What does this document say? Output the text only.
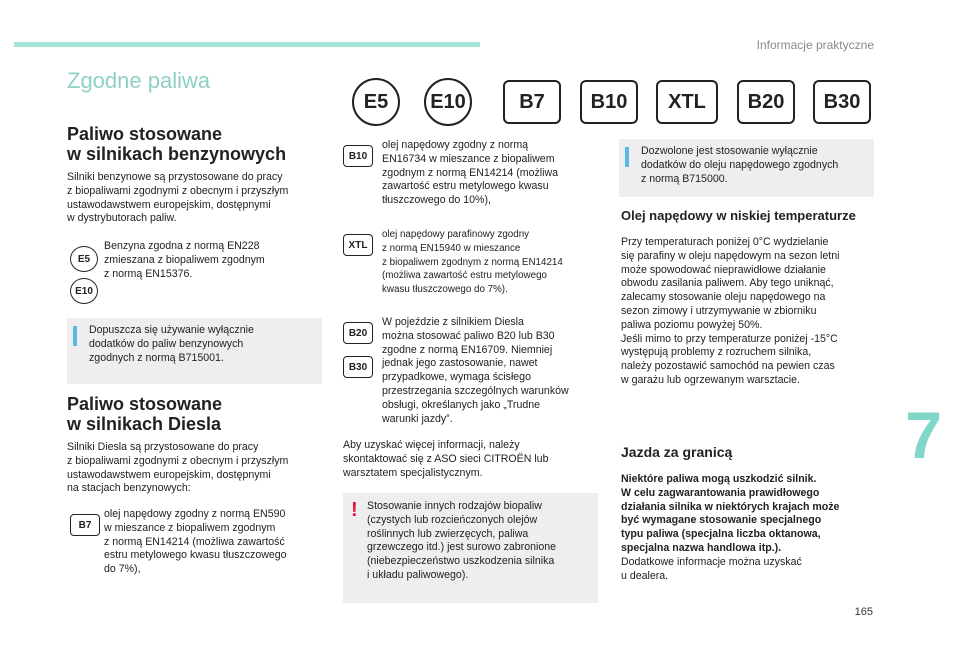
Informacje praktyczne
7
165
Zgodne paliwa
E5	E10	B7	B10	XTL	B20	B30
Paliwo stosowane
w silnikach benzynowych
Silniki benzynowe są przystosowane do pracy
z biopaliwami zgodnymi z obecnym i przyszłym
ustawodawstwem europejskim, dostępnymi
w dystrybutorach paliw.
E5
E10
Benzyna zgodna z normą EN228
zmieszana z biopaliwem zgodnym
z normą EN15376.
Dopuszcza się używanie wyłącznie
dodatków do paliw benzynowych
zgodnych z normą B715001.
Paliwo stosowane
w silnikach Diesla
Silniki Diesla są przystosowane do pracy
z biopaliwami zgodnymi z obecnym i przyszłym
ustawodawstwem europejskim, dostępnymi
na stacjach benzynowych:
B7
olej napędowy zgodny z normą EN590
w mieszance z biopaliwem zgodnym
z normą EN14214 (możliwa zawartość
estru metylowego kwasu tłuszczowego
do 7%),
B10
olej napędowy zgodny z normą
EN16734 w mieszance z biopaliwem
zgodnym z normą EN14214 (możliwa
zawartość estru metylowego kwasu
tłuszczowego do 10%),
XTL
olej napędowy parafinowy zgodny
z normą EN15940 w mieszance
z biopaliwem zgodnym z normą EN14214
(możliwa zawartość estru metylowego
kwasu tłuszczowego do 7%).
B20
B30
W pojeździe z silnikiem Diesla
można stosować paliwo B20 lub B30
zgodne z normą EN16709. Niemniej
jednak jego zastosowanie, nawet
przypadkowe, wymaga ścisłego
przestrzegania szczególnych warunków
obsługi, określanych jako „Trudne
warunki jazdy”.
Aby uzyskać więcej informacji, należy
skontaktować się z ASO sieci CITROËN lub
warsztatem specjalistycznym.
! Stosowanie innych rodzajów biopaliw
(czystych lub rozcieńczonych olejów
roślinnych lub zwierzęcych, paliwa
grzewczego itd.) jest surowo zabronione
(niebezpieczeństwo uszkodzenia silnika
i układu paliwowego).
Dozwolone jest stosowanie wyłącznie
dodatków do oleju napędowego zgodnych
z normą B715000.
Olej napędowy w niskiej temperaturze
Przy temperaturach poniżej 0°C wydzielanie
się parafiny w oleju napędowym na sezon letni
może spowodować nieprawidłowe działanie
obwodu zasilania paliwem. Aby tego uniknąć,
zalecamy stosowanie oleju napędowego na
sezon zimowy i utrzymywanie w zbiorniku
paliwa poziomu powyżej 50%.
Jeśli mimo to przy temperaturze poniżej -15°C
występują problemy z rozruchem silnika,
należy pozostawić samochód na pewien czas
w garażu lub ogrzewanym warsztacie.
Jazda za granicą
Niektóre paliwa mogą uszkodzić silnik.
W celu zagwarantowania prawidłowego
działania silnika w niektórych krajach może
być wymagane stosowanie specjalnego
typu paliwa (specjalna liczba oktanowa,
specjalna nazwa handlowa itp.).
Dodatkowe informacje można uzyskać
u dealera.
